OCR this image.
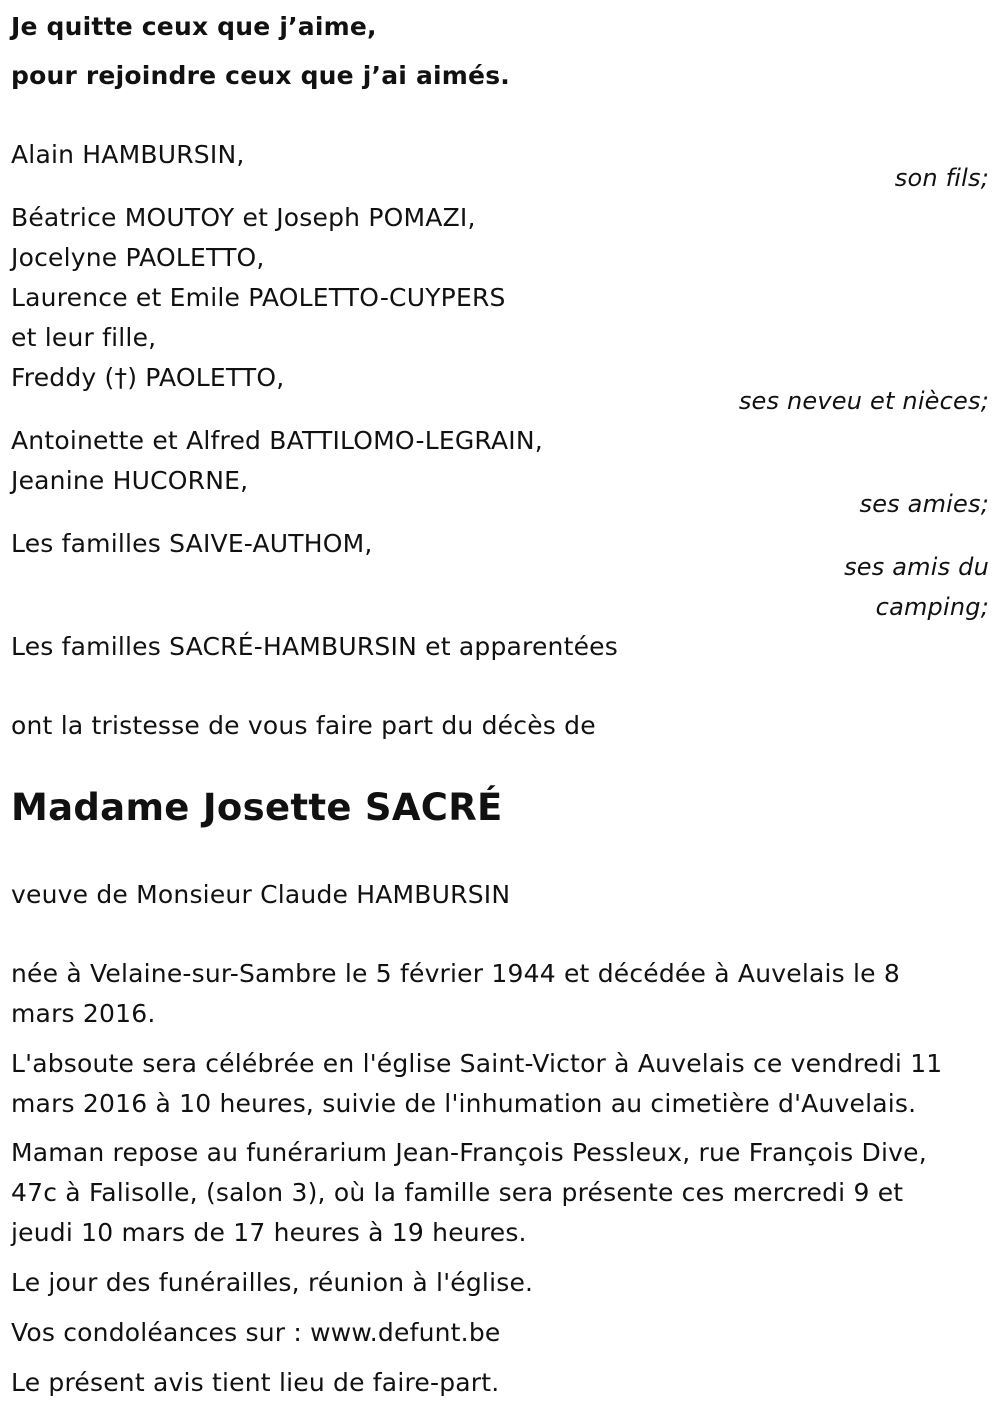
Je quitte ceux que j’aime,
pour rejoindre ceux que j’ai aimés.
Alain HAMBURSIN,
son fils;
Béatrice MOUTOY et Joseph POMAZI,
Jocelyne PAOLETTO,
Laurence et Emile PAOLETTO-CUYPERS
et leur fille,
Freddy (†) PAOLETTO,
ses neveu et nièces;
Antoinette et Alfred BATTILOMO-LEGRAIN,
Jeanine HUCORNE,
ses amies;
Les familles SAIVE-AUTHOM,
ses amis du
camping;
Les familles SACRÉ-HAMBURSIN et apparentées
ont la tristesse de vous faire part du décès de
Madame Josette SACRÉ
veuve de Monsieur Claude HAMBURSIN
née à Velaine-sur-Sambre le 5 février 1944 et décédée à Auvelais le 8
mars 2016.
L'absoute sera célébrée en l'église Saint-Victor à Auvelais ce vendredi 11
mars 2016 à 10 heures, suivie de l'inhumation au cimetière d'Auvelais.
Maman repose au funérarium Jean-François Pessleux, rue François Dive,
47c à Falisolle, (salon 3), où la famille sera présente ces mercredi 9 et
jeudi 10 mars de 17 heures à 19 heures.
Le jour des funérailles, réunion à l'église.
Vos condoléances sur : www.defunt.be
Le présent avis tient lieu de faire-part.
